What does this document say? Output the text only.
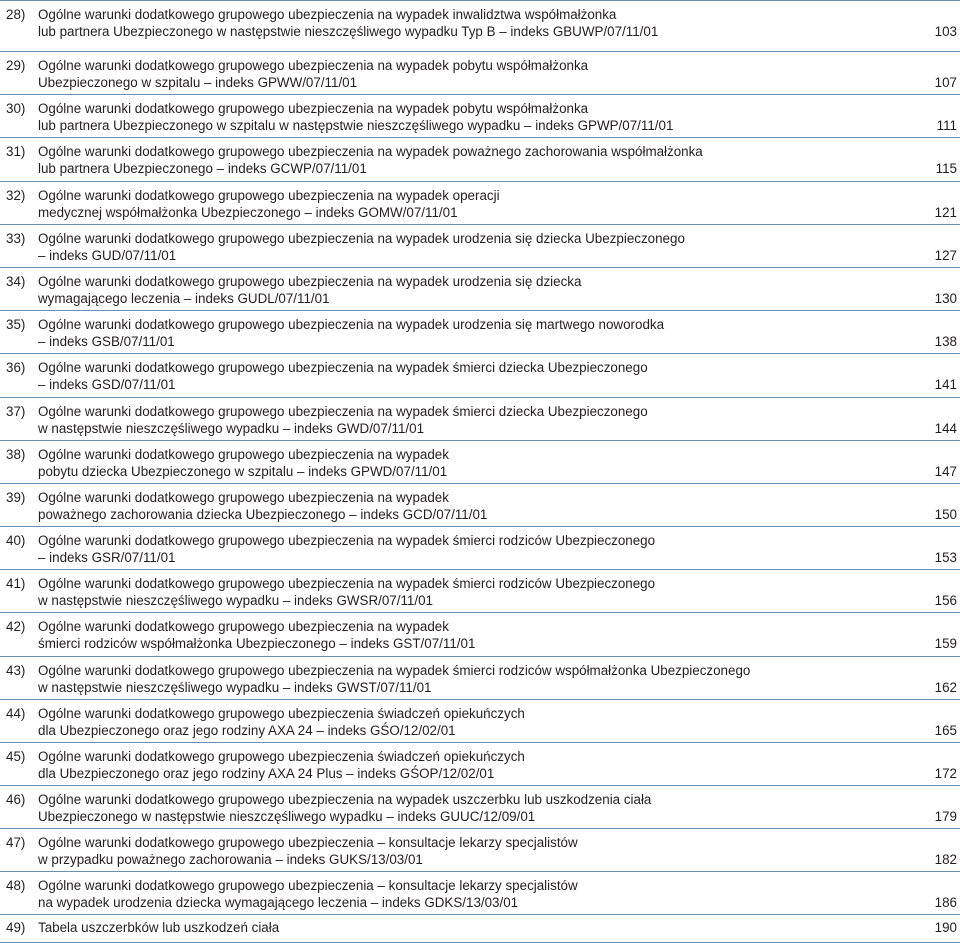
28) Ogólne warunki dodatkowego grupowego ubezpieczenia na wypadek inwalidztwa współmałżonka
lub partnera Ubezpieczonego w następstwie nieszczęśliwego wypadku Typ B – indeks GBUWP/07/11/01	103
29) Ogólne warunki dodatkowego grupowego ubezpieczenia na wypadek pobytu współmałżonka
Ubezpieczonego w szpitalu – indeks GPWW/07/11/01	107
30) Ogólne warunki dodatkowego grupowego ubezpieczenia na wypadek pobytu współmałżonka
lub partnera Ubezpieczonego w szpitalu w następstwie nieszczęśliwego wypadku – indeks GPWP/07/11/01	111
31) Ogólne warunki dodatkowego grupowego ubezpieczenia na wypadek poważnego zachorowania współmałżonka
lub partnera Ubezpieczonego – indeks GCWP/07/11/01	115
32) Ogólne warunki dodatkowego grupowego ubezpieczenia na wypadek operacji
medycznej współmałżonka Ubezpieczonego – indeks GOMW/07/11/01	121
33) Ogólne warunki dodatkowego grupowego ubezpieczenia na wypadek urodzenia się dziecka Ubezpieczonego
– indeks GUD/07/11/01	127
34) Ogólne warunki dodatkowego grupowego ubezpieczenia na wypadek urodzenia się dziecka
wymagającego leczenia – indeks GUDL/07/11/01	130
35) Ogólne warunki dodatkowego grupowego ubezpieczenia na wypadek urodzenia się martwego noworodka
– indeks GSB/07/11/01	138
36) Ogólne warunki dodatkowego grupowego ubezpieczenia na wypadek śmierci dziecka Ubezpieczonego
– indeks GSD/07/11/01	141
37) Ogólne warunki dodatkowego grupowego ubezpieczenia na wypadek śmierci dziecka Ubezpieczonego
w następstwie nieszczęśliwego wypadku – indeks GWD/07/11/01	144
38) Ogólne warunki dodatkowego grupowego ubezpieczenia na wypadek
pobytu dziecka Ubezpieczonego w szpitalu – indeks GPWD/07/11/01	147
39) Ogólne warunki dodatkowego grupowego ubezpieczenia na wypadek
poważnego zachorowania dziecka Ubezpieczonego – indeks GCD/07/11/01	150
40) Ogólne warunki dodatkowego grupowego ubezpieczenia na wypadek śmierci rodziców Ubezpieczonego
– indeks GSR/07/11/01	153
41) Ogólne warunki dodatkowego grupowego ubezpieczenia na wypadek śmierci rodziców Ubezpieczonego
w następstwie nieszczęśliwego wypadku – indeks GWSR/07/11/01	156
42) Ogólne warunki dodatkowego grupowego ubezpieczenia na wypadek
śmierci rodziców współmałżonka Ubezpieczonego – indeks GST/07/11/01	159
43) Ogólne warunki dodatkowego grupowego ubezpieczenia na wypadek śmierci rodziców współmałżonka Ubezpieczonego
w następstwie nieszczęśliwego wypadku – indeks GWST/07/11/01	162
44) Ogólne warunki dodatkowego grupowego ubezpieczenia świadczeń opiekuńczych
dla Ubezpieczonego oraz jego rodziny AXA 24 – indeks GŚO/12/02/01	165
45) Ogólne warunki dodatkowego grupowego ubezpieczenia świadczeń opiekuńczych
dla Ubezpieczonego oraz jego rodziny AXA 24 Plus – indeks GŚOP/12/02/01	172
46) Ogólne warunki dodatkowego grupowego ubezpieczenia na wypadek uszczerbku lub uszkodzenia ciała
Ubezpieczonego w następstwie nieszczęśliwego wypadku – indeks GUUC/12/09/01	179
47) Ogólne warunki dodatkowego grupowego ubezpieczenia – konsultacje lekarzy specjalistów
w przypadku poważnego zachorowania – indeks GUKS/13/03/01	182
48) Ogólne warunki dodatkowego grupowego ubezpieczenia – konsultacje lekarzy specjalistów
na wypadek urodzenia dziecka wymagającego leczenia – indeks GDKS/13/03/01	186
49) Tabela uszczerbków lub uszkodzeń ciała	190
